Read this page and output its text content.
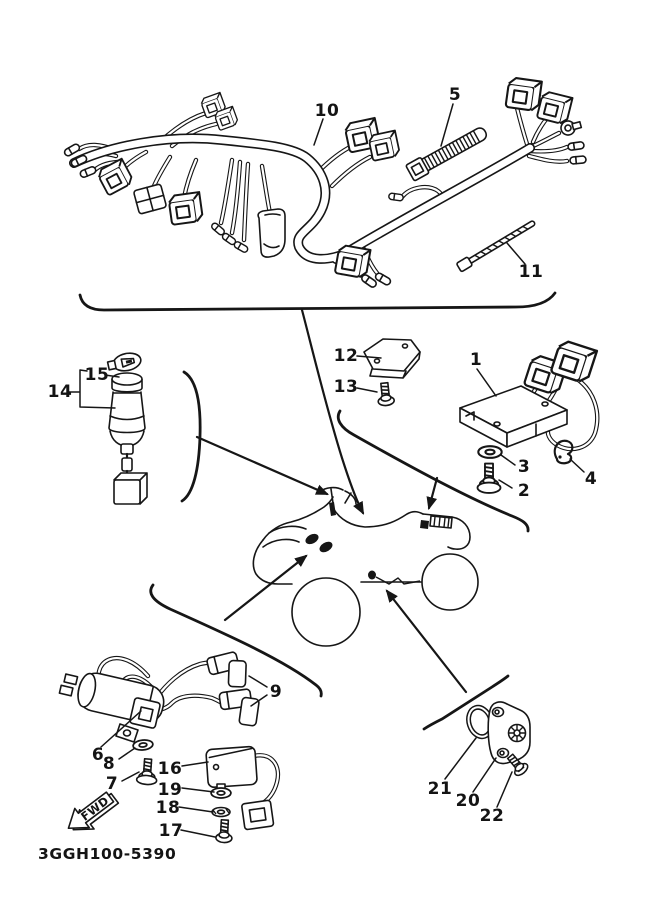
FWD
1
2
3
4
5
6
7
8
9
10
11
12
13
14
15
16
17
18
19
20
21
22
3GGH100-5390
